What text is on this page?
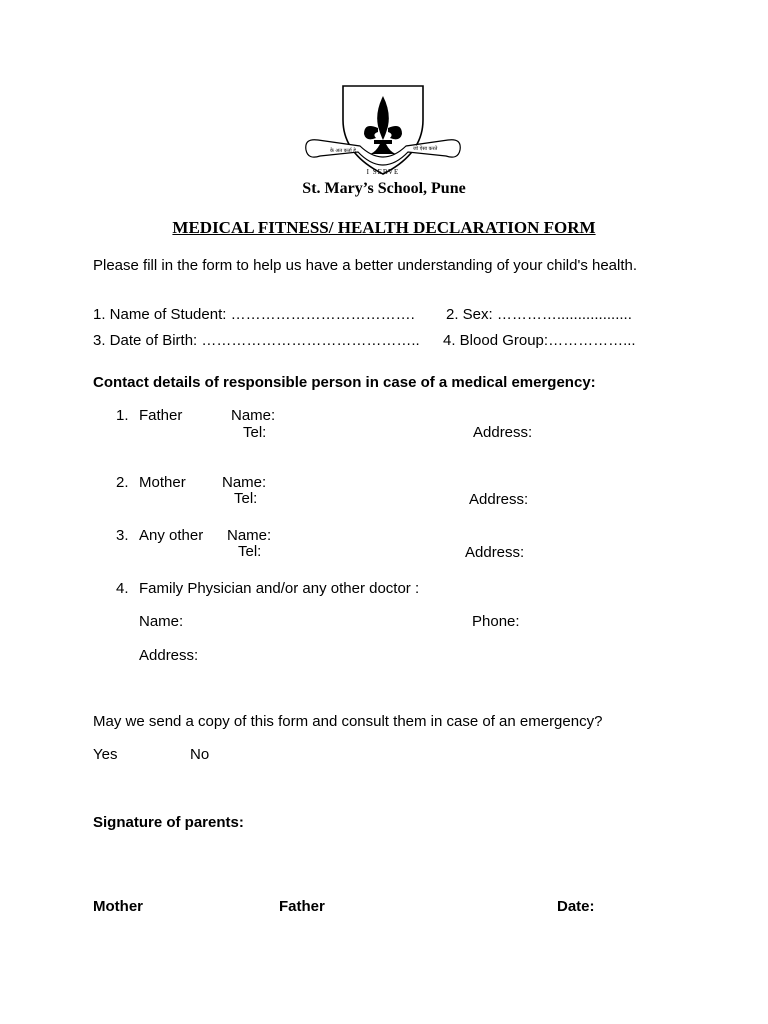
के अत कर्ता हे	जो ऐसा करते
I SERVE
St. Mary’s School, Pune
MEDICAL FITNESS/ HEALTH DECLARATION FORM
Please fill in the form to help us have a better understanding of your child's health.
1. Name of Student: ………………………………. 2. Sex: …………..................
3. Date of Birth: …………………………………….. 4. Blood Group:……………...
Contact details of responsible person in case of a medical emergency:
1. Father	Name:
Tel:	Address:
2. Mother Name:
Tel:	Address:
3. Any other Name:
Tel:	Address:
4. Family Physician and/or any other doctor :
Name:	Phone:
Address:
May we send a copy of this form and consult them in case of an emergency?
Yes	No
Signature of parents:
Mother	Father	Date:
